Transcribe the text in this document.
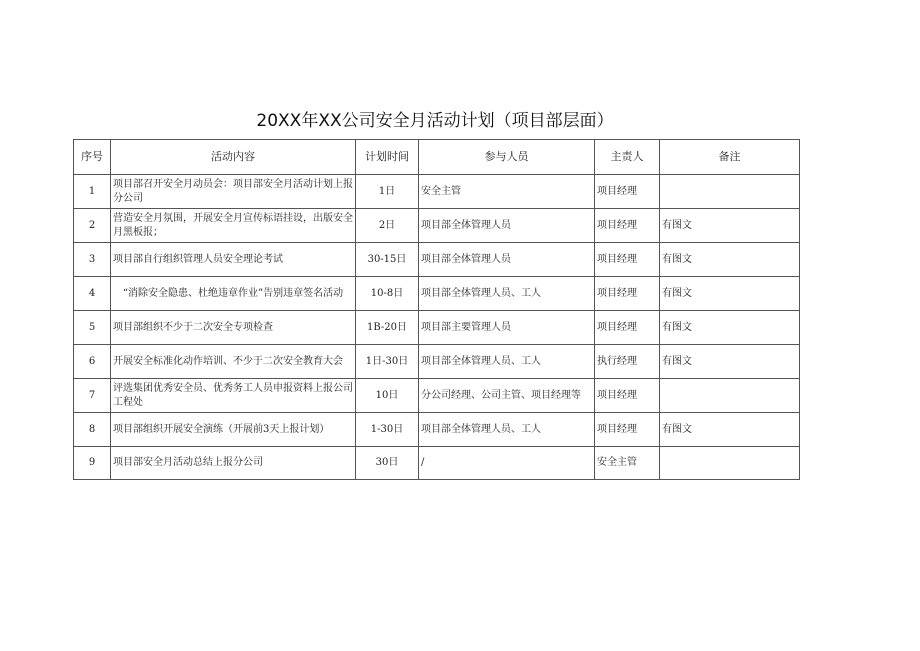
20XX年XX公司安全月活动计划（项目部层面）
序号	活动内容	计划时间	参与人员	主责人	备注
1	项目部召开安全月动员会：项目部安全月活动计划上报分公司	1日	安全主管	项目经理	
2	营造安全月氛围，开展安全月宣传标语挂设，出版安全月黑板报；	2日	项目部全体管理人员	项目经理	有图文
3	项目部自行组织管理人员安全理论考试	30-15日	项目部全体管理人员	项目经理	有图文
4	“消除安全隐患、杜绝违章作业”告别违章签名活动	10-8日	项目部全体管理人员、工人	项目经理	有图文
5	项目部组织不少于二次安全专项检查	1B-20日	项目部主要管理人员	项目经理	有图文
6	开展安全标准化动作培训、不少于二次安全教育大会	1日-30日	项目部全体管理人员、工人	执行经理	有图文
7	评选集团优秀安全员、优秀务工人员申报资料上报公司工程处	10日	分公司经理、公司主管、项目经理等	项目经理	
8	项目部组织开展安全演练（开展前3天上报计划）	1-30日	项目部全体管理人员、工人	项目经理	有图文
9	项目部安全月活动总结上报分公司	30日	/	安全主管	
